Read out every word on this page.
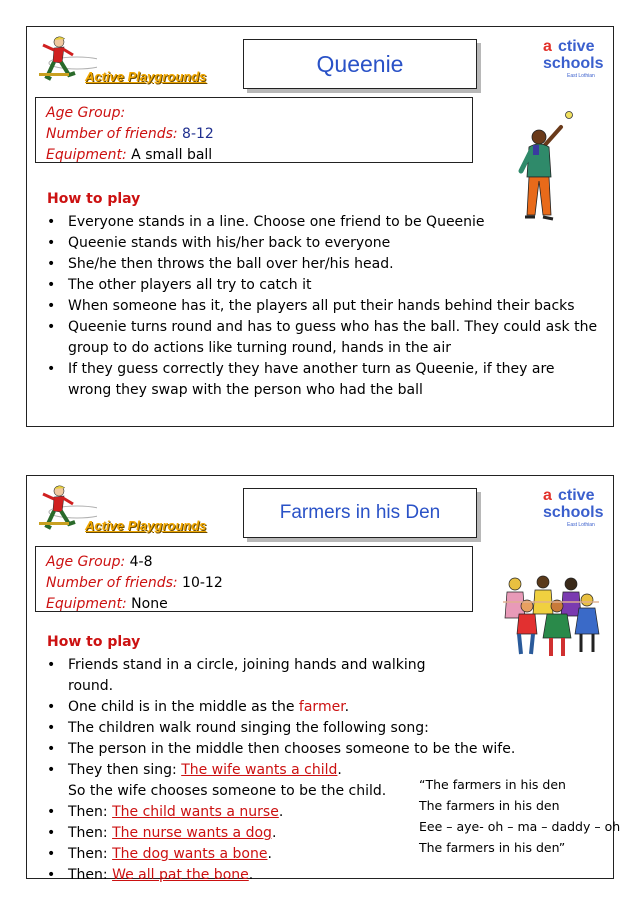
Active Playgrounds	Queenie
a ctive
schools
East Lothian
Age Group:
Number of friends: 8-12
Equipment: A small ball
How to play
• Everyone stands in a line. Choose one friend to be Queenie
• Queenie stands with his/her back to everyone
• She/he then throws the ball over her/his head.
• The other players all try to catch it
• When someone has it, the players all put their hands behind their backs
• Queenie turns round and has to guess who has the ball. They could ask the group to do actions like turning round, hands in the air
• If they guess correctly they have another turn as Queenie, if they are wrong they swap with the person who had the ball
Active Playgrounds
Farmers in his Den
a ctive
schools
East Lothian
Age Group: 4-8
Number of friends: 10-12
Equipment: None
How to play
• Friends stand in a circle, joining hands and walking round.
• One child is in the middle as the farmer.
• The children walk round singing the following song:
• The person in the middle then chooses someone to be the wife.
• They then sing: The wife wants a child.
So the wife chooses someone to be the child.
• Then: The child wants a nurse.
• Then: The nurse wants a dog.
• Then: The dog wants a bone.
• Then: We all pat the bone.
“The farmers in his den
The farmers in his den
Eee – aye- oh – ma – daddy – oh
The farmers in his den”
